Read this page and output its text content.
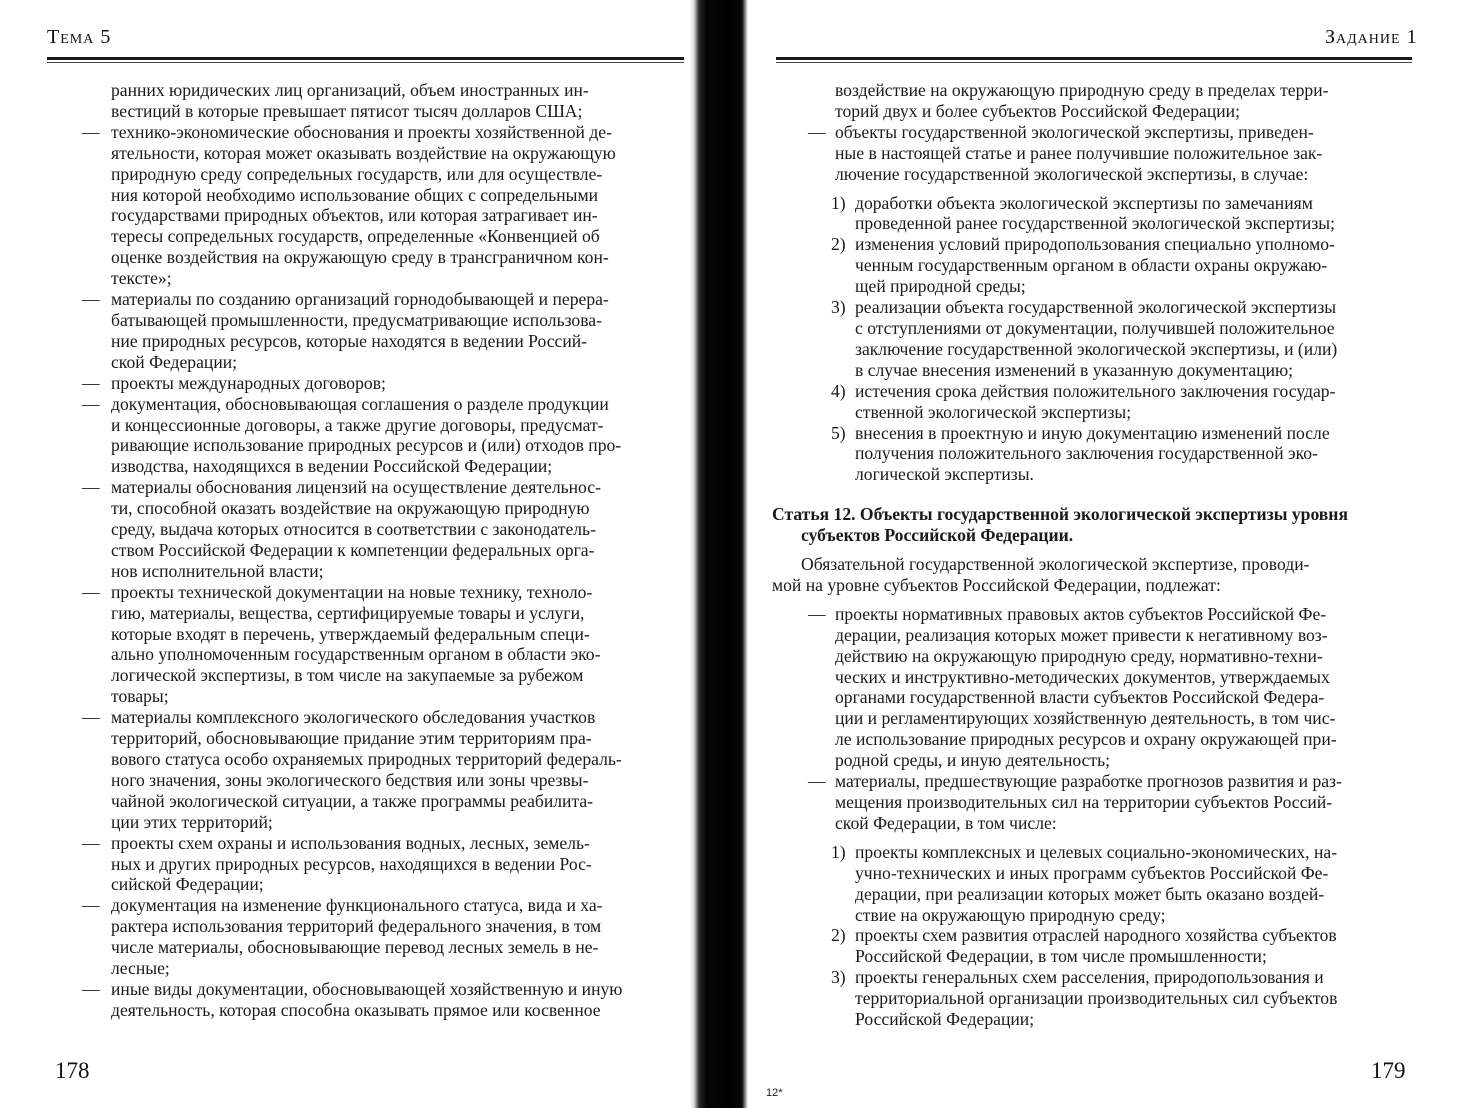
Тема 5
ранних юридических лиц организаций, объем иностранных ин-
вестиций в которые превышает пятисот тысяч долларов США;
— технико-экономические обоснования и проекты хозяйственной де-
ятельности, которая может оказывать воздействие на окружающую
природную среду сопредельных государств, или для осуществле-
ния которой необходимо использование общих с сопредельными
государствами природных объектов, или которая затрагивает ин-
тересы сопредельных государств, определенные «Конвенцией об
оценке воздействия на окружающую среду в трансграничном кон-
тексте»;
— материалы по созданию организаций горнодобывающей и перера-
батывающей промышленности, предусматривающие использова-
ние природных ресурсов, которые находятся в ведении Россий-
ской Федерации;
— проекты международных договоров;
— документация, обосновывающая соглашения о разделе продукции
и концессионные договоры, а также другие договоры, предусмат-
ривающие использование природных ресурсов и (или) отходов про-
изводства, находящихся в ведении Российской Федерации;
— материалы обоснования лицензий на осуществление деятельнос-
ти, способной оказать воздействие на окружающую природную
среду, выдача которых относится в соответствии с законодатель-
ством Российской Федерации к компетенции федеральных орга-
нов исполнительной власти;
— проекты технической документации на новые технику, техноло-
гию, материалы, вещества, сертифицируемые товары и услуги,
которые входят в перечень, утверждаемый федеральным специ-
ально уполномоченным государственным органом в области эко-
логической экспертизы, в том числе на закупаемые за рубежом
товары;
— материалы комплексного экологического обследования участков
территорий, обосновывающие придание этим территориям пра-
вового статуса особо охраняемых природных территорий федераль-
ного значения, зоны экологического бедствия или зоны чрезвы-
чайной экологической ситуации, а также программы реабилита-
ции этих территорий;
— проекты схем охраны и использования водных, лесных, земель-
ных и других природных ресурсов, находящихся в ведении Рос-
сийской Федерации;
— документация на изменение функционального статуса, вида и ха-
рактера использования территорий федерального значения, в том
числе материалы, обосновывающие перевод лесных земель в не-
лесные;
— иные виды документации, обосновывающей хозяйственную и иную
деятельность, которая способна оказывать прямое или косвенное
178
Задание 1
воздействие на окружающую природную среду в пределах терри-
торий двух и более субъектов Российской Федерации;
— объекты государственной экологической экспертизы, приведен-
ные в настоящей статье и ранее получившие положительное зак-
лючение государственной экологической экспертизы, в случае:
1) доработки объекта экологической экспертизы по замечаниям
проведенной ранее государственной экологической экспертизы;
2) изменения условий природопользования специально уполномо-
ченным государственным органом в области охраны окружаю-
щей природной среды;
3) реализации объекта государственной экологической экспертизы
с отступлениями от документации, получившей положительное
заключение государственной экологической экспертизы, и (или)
в случае внесения изменений в указанную документацию;
4) истечения срока действия положительного заключения государ-
ственной экологической экспертизы;
5) внесения в проектную и иную документацию изменений после
получения положительного заключения государственной эко-
логической экспертизы.
Статья 12. Объекты государственной экологической экспертизы уровня
субъектов Российской Федерации.
Обязательной государственной экологической экспертизе, проводи-
мой на уровне субъектов Российской Федерации, подлежат:
— проекты нормативных правовых актов субъектов Российской Фе-
дерации, реализация которых может привести к негативному воз-
действию на окружающую природную среду, нормативно-техни-
ческих и инструктивно-методических документов, утверждаемых
органами государственной власти субъектов Российской Федера-
ции и регламентирующих хозяйственную деятельность, в том чис-
ле использование природных ресурсов и охрану окружающей при-
родной среды, и иную деятельность;
— материалы, предшествующие разработке прогнозов развития и раз-
мещения производительных сил на территории субъектов Россий-
ской Федерации, в том числе:
1) проекты комплексных и целевых социально-экономических, на-
учно-технических и иных программ субъектов Российской Фе-
дерации, при реализации которых может быть оказано воздей-
ствие на окружающую природную среду;
2) проекты схем развития отраслей народного хозяйства субъектов
Российской Федерации, в том числе промышленности;
3) проекты генеральных схем расселения, природопользования и
территориальной организации производительных сил субъектов
Российской Федерации;
179
12*
